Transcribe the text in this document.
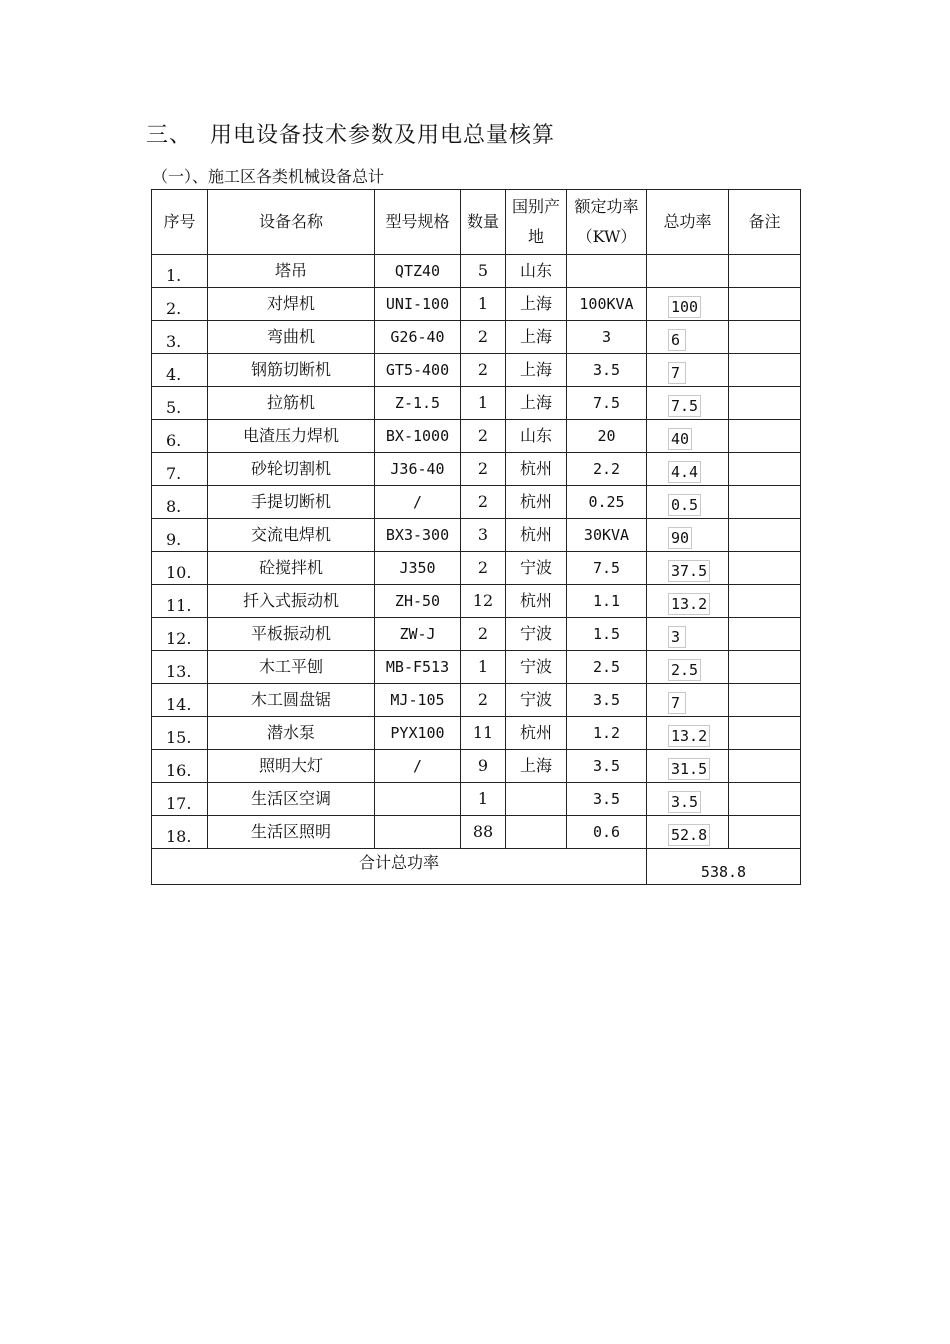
三、 用电设备技术参数及用电总量核算
（一）、施工区各类机械设备总计
序号	设备名称	型号规格	数量	国别产地	额定功率（KW）	总功率	备注
1.	塔吊	QTZ40	5	山东			
2.	对焊机	UNI-100	1	上海	100KVA	100	
3.	弯曲机	G26-40	2	上海	3	6	
4.	钢筋切断机	GT5-400	2	上海	3.5	7	
5.	拉筋机	Z-1.5	1	上海	7.5	7.5	
6.	电渣压力焊机	BX-1000	2	山东	20	40	
7.	砂轮切割机	J36-40	2	杭州	2.2	4.4	
8.	手提切断机	/	2	杭州	0.25	0.5	
9.	交流电焊机	BX3-300	3	杭州	30KVA	90	
10.	砼搅拌机	J350	2	宁波	7.5	37.5	
11.	扦入式振动机	ZH-50	12	杭州	1.1	13.2	
12.	平板振动机	ZW-J	2	宁波	1.5	3	
13.	木工平刨	MB-F513	1	宁波	2.5	2.5	
14.	木工圆盘锯	MJ-105	2	宁波	3.5	7	
15.	潜水泵	PYX100	11	杭州	1.2	13.2	
16.	照明大灯	/	9	上海	3.5	31.5	
17.	生活区空调		1		3.5	3.5	
18.	生活区照明		88		0.6	52.8	
合计总功率						538.8	
